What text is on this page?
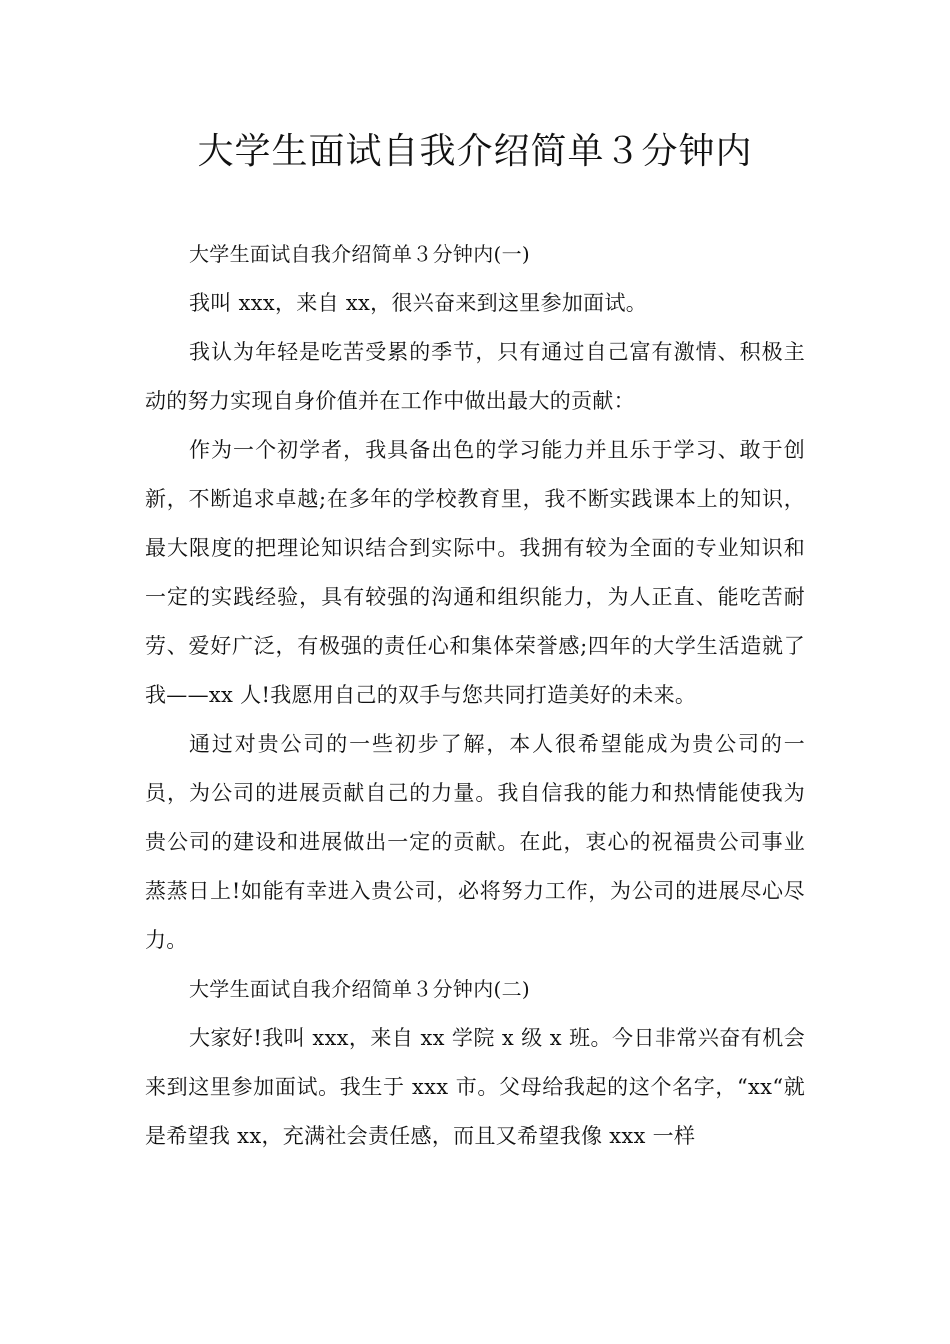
大学生面试自我介绍简单３分钟内

大学生面试自我介绍简单３分钟内(一)

我叫 xxx，来自 xx，很兴奋来到这里参加面试。

我认为年轻是吃苦受累的季节，只有通过自己富有激情、积极主动的努力实现自身价值并在工作中做出最大的贡献：

作为一个初学者，我具备出色的学习能力并且乐于学习、敢于创新，不断追求卓越;在多年的学校教育里，我不断实践课本上的知识，最大限度的把理论知识结合到实际中。我拥有较为全面的专业知识和一定的实践经验，具有较强的沟通和组织能力，为人正直、能吃苦耐劳、爱好广泛，有极强的责任心和集体荣誉感;四年的大学生活造就了我——xx 人!我愿用自己的双手与您共同打造美好的未来。

通过对贵公司的一些初步了解，本人很希望能成为贵公司的一员，为公司的进展贡献自己的力量。我自信我的能力和热情能使我为贵公司的建设和进展做出一定的贡献。在此，衷心的祝福贵公司事业蒸蒸日上!如能有幸进入贵公司，必将努力工作，为公司的进展尽心尽力。

大学生面试自我介绍简单３分钟内(二)

大家好!我叫 xxx，来自 xx 学院 x 级 x 班。今日非常兴奋有机会来到这里参加面试。我生于 xxx 市。父母给我起的这个名字，“xx“就是希望我 xx，充满社会责任感，而且又希望我像 xxx 一样
